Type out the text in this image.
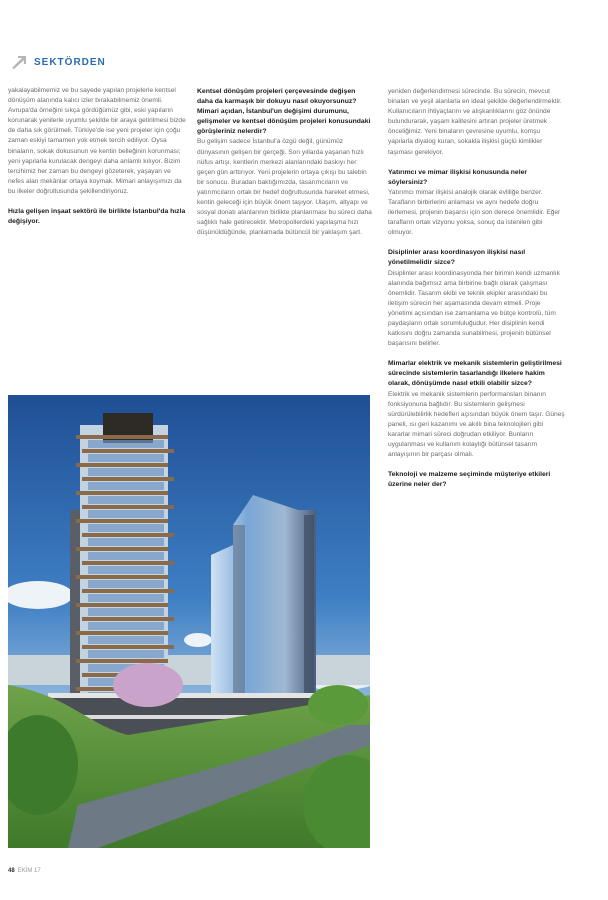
SEKTÖRDEN

yakalayabilmemiz ve bu sayede yapılan projelerle kentsel dönüşüm alanında kalıcı izler bırakabilmemiz önemli. Avrupa'da örneğini sıkça gördüğümüz gibi, eski yapıların korunarak yenilerle uyumlu şekilde bir araya getirilmesi bizde de daha sık görülmeli. Türkiye'de ise yeni projeler için çoğu zaman eskiyi tamamen yok etmek tercih ediliyor. Oysa binaların, sokak dokusunun ve kentin belleğinin korunması; yeni yapılarla kurulacak dengeyi daha anlamlı kılıyor. Bizim tercihimiz her zaman bu dengeyi gözeterek, yaşayan ve nefes alan mekânlar ortaya koymak. Mimari anlayışımızı da bu ilkeler doğrultusunda şekillendiriyoruz.

Hızla gelişen inşaat sektörü ile birlikte İstanbul'da hızla değişiyor.
Kentsel dönüşüm projeleri çerçevesinde değişen daha da karmaşık bir dokuyu nasıl okuyorsunuz? Mimari açıdan, İstanbul'un değişimi durumunu, gelişmeler ve kentsel dönüşüm projeleri konusundaki görüşleriniz nelerdir?

Bu gelişim sadece İstanbul'a özgü değil, günümüz dünyasının gelişen bir gerçeği. Son yıllarda yaşanan hızlı nüfus artışı, kentlerin merkezi alanlarındaki baskıyı her geçen gün arttırıyor. Yeni projelerin ortaya çıkışı bu talebin bir sonucu. Buradan baktığımızda, tasarımcıların ve yatırımcıların ortak bir hedef doğrultusunda hareket etmesi, kentin geleceği için büyük önem taşıyor. Ulaşım, altyapı ve sosyal donatı alanlarının birlikte planlanması bu süreci daha sağlıklı hale getirecektir. Metropollerdeki yapılaşma hızı düşünüldüğünde, planlamada bütüncül bir yaklaşım şart.

yeniden değerlendirmesi sürecinde. Bu sürecin, mevcut binaları ve yeşil alanlarla en ideal şekilde değerlendirmektir. Kullanıcıların ihtiyaçlarını ve alışkanlıklarını göz önünde bulundurarak, yaşam kalitesini artıran projeler üretmek önceliğimiz. Yeni binaların çevresine uyumlu, komşu yapılarla diyalog kuran, sokakla ilişkisi güçlü kimlikler taşıması gerekiyor.

Yatırımcı ve mimar ilişkisi konusunda neler söylersiniz?

Yatırımcı mimar ilişkisi analojik olarak evliliğe benzer. Tarafların birbirlerini anlaması ve aynı hedefe doğru ilerlemesi, projenin başarısı için son derece önemlidir. Eğer tarafların ortak vizyonu yoksa, sonuç da istenilen gibi olmuyor.

Disiplinler arası koordinasyon ilişkisi nasıl yönetilmelidir sizce?

Disiplinler arası koordinasyonda her birimin kendi uzmanlık alanında bağımsız ama birbirine bağlı olarak çalışması önemlidir. Tasarım ekibi ve teknik ekipler arasındaki bu iletişim sürecin her aşamasında devam etmeli. Proje yönetimi açısından ise zamanlama ve bütçe kontrolü, tüm paydaşların ortak sorumluluğudur. Her disiplinin kendi katkısını doğru zamanda sunabilmesi, projenin bütünsel başarısını belirler.

Mimarlar elektrik ve mekanik sistemlerin geliştirilmesi sürecinde sistemlerin tasarlandığı ilkelere hakim olarak, dönüşümde nasıl etkili olabilir sizce?

Elektrik ve mekanik sistemlerin performansları binanın fonksiyonuna bağlıdır. Bu sistemlerin gelişmesi sürdürülebilirlik hedefleri açısından büyük önem taşır. Güneş paneli, ısı geri kazanımı ve akıllı bina teknolojileri gibi kararlar mimari süreci doğrudan etkiliyor. Bunların uygulanması ve kullanım kolaylığı bütünsel tasarım anlayışının bir parçası olmalı.

Teknoloji ve malzeme seçiminde müşteriye etkileri üzerine neler der?
48 EKİM 17
